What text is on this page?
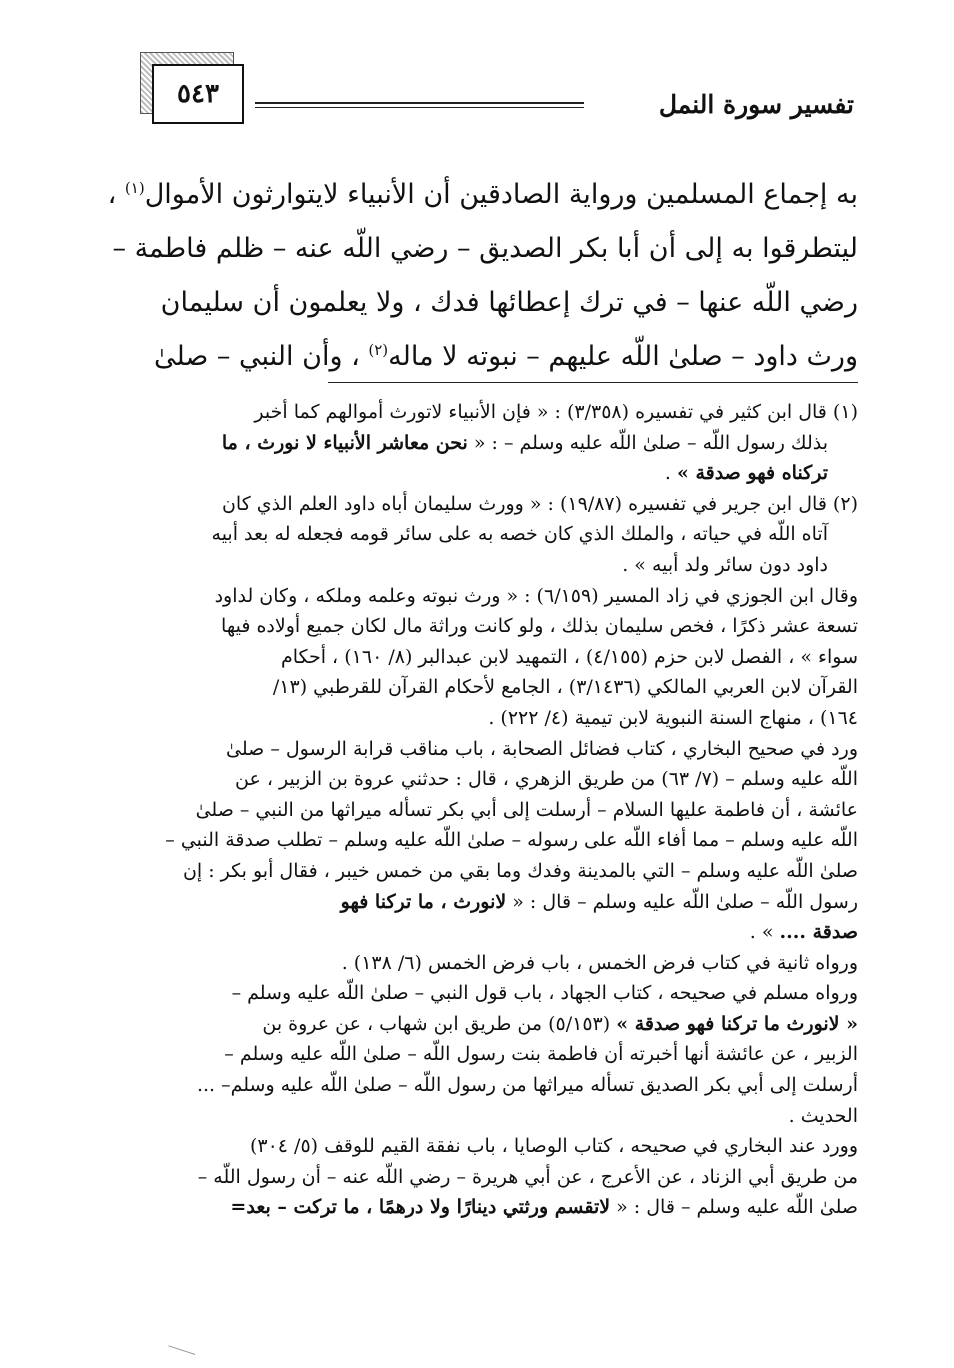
٥٤٣	تفسير سورة النمل
به إجماع المسلمين ورواية الصادقين أن الأنبياء لايتوارثون الأموال$^{(١)}$ ،
ليتطرقوا به إلى أن أبا بكر الصديق – رضي اللّه عنه – ظلم فاطمة –
رضي اللّه عنها – في ترك إعطائها فدك ، ولا يعلمون أن سليمان
ورث داود – صلىٰ اللّه عليهم – نبوته لا ماله$^{(٢)}$ ، وأن النبي – صلىٰ
(١) قال ابن كثير في تفسيره (٣/٣٥٨) : « فإن الأنبياء لاتورث أموالهم كما أخبر
بذلك رسول اللّه – صلىٰ اللّه عليه وسلم – : « نحن معاشر الأنبياء لا نورث ، ما
تركناه فهو صدقة » .
(٢) قال ابن جرير في تفسيره (١٩/٨٧) : « وورث سليمان أباه داود العلم الذي كان
آتاه اللّه في حياته ، والملك الذي كان خصه به على سائر قومه فجعله له بعد أبيه
داود دون سائر ولد أبيه » .
وقال ابن الجوزي في زاد المسير (٦/١٥٩) : « ورث نبوته وعلمه وملكه ، وكان لداود
تسعة عشر ذكرًا ، فخص سليمان بذلك ، ولو كانت وراثة مال لكان جميع أولاده فيها
سواء » ، الفصل لابن حزم (٤/١٥٥) ، التمهيد لابن عبدالبر (٨/ ١٦٠) ، أحكام
القرآن لابن العربي المالكي (٣/١٤٣٦) ، الجامع لأحكام القرآن للقرطبي (١٣/
١٦٤) ، منهاج السنة النبوية لابن تيمية (٤/ ٢٢٢) .
ورد في صحيح البخاري ، كتاب فضائل الصحابة ، باب مناقب قرابة الرسول – صلىٰ
اللّه عليه وسلم – (٧/ ٦٣) من طريق الزهري ، قال : حدثني عروة بن الزبير ، عن
عائشة ، أن فاطمة عليها السلام – أرسلت إلى أبي بكر تسأله ميراثها من النبي – صلىٰ
اللّه عليه وسلم – مما أفاء اللّه على رسوله – صلىٰ اللّه عليه وسلم – تطلب صدقة النبي –
صلىٰ اللّه عليه وسلم – التي بالمدينة وفدك وما بقي من خمس خيبر ، فقال أبو بكر : إن
رسول اللّه – صلىٰ اللّه عليه وسلم – قال : « لانورث ، ما تركنا فهو
صدقة .... » .
ورواه ثانية في كتاب فرض الخمس ، باب فرض الخمس (٦/ ١٣٨) .
ورواه مسلم في صحيحه ، كتاب الجهاد ، باب قول النبي – صلىٰ اللّه عليه وسلم –
« لانورث ما تركنا فهو صدقة » (٥/١٥٣) من طريق ابن شهاب ، عن عروة بن
الزبير ، عن عائشة أنها أخبرته أن فاطمة بنت رسول اللّه – صلىٰ اللّه عليه وسلم –
أرسلت إلى أبي بكر الصديق تسأله ميراثها من رسول اللّه – صلىٰ اللّه عليه وسلم– ...
الحديث .
وورد عند البخاري في صحيحه ، كتاب الوصايا ، باب نفقة القيم للوقف (٥/ ٣٠٤)
من طريق أبي الزناد ، عن الأعرج ، عن أبي هريرة – رضي اللّه عنه – أن رسول اللّه –
صلىٰ اللّه عليه وسلم – قال : « لاتقسم ورثتي دينارًا ولا درهمًا ، ما تركت – بعد=
